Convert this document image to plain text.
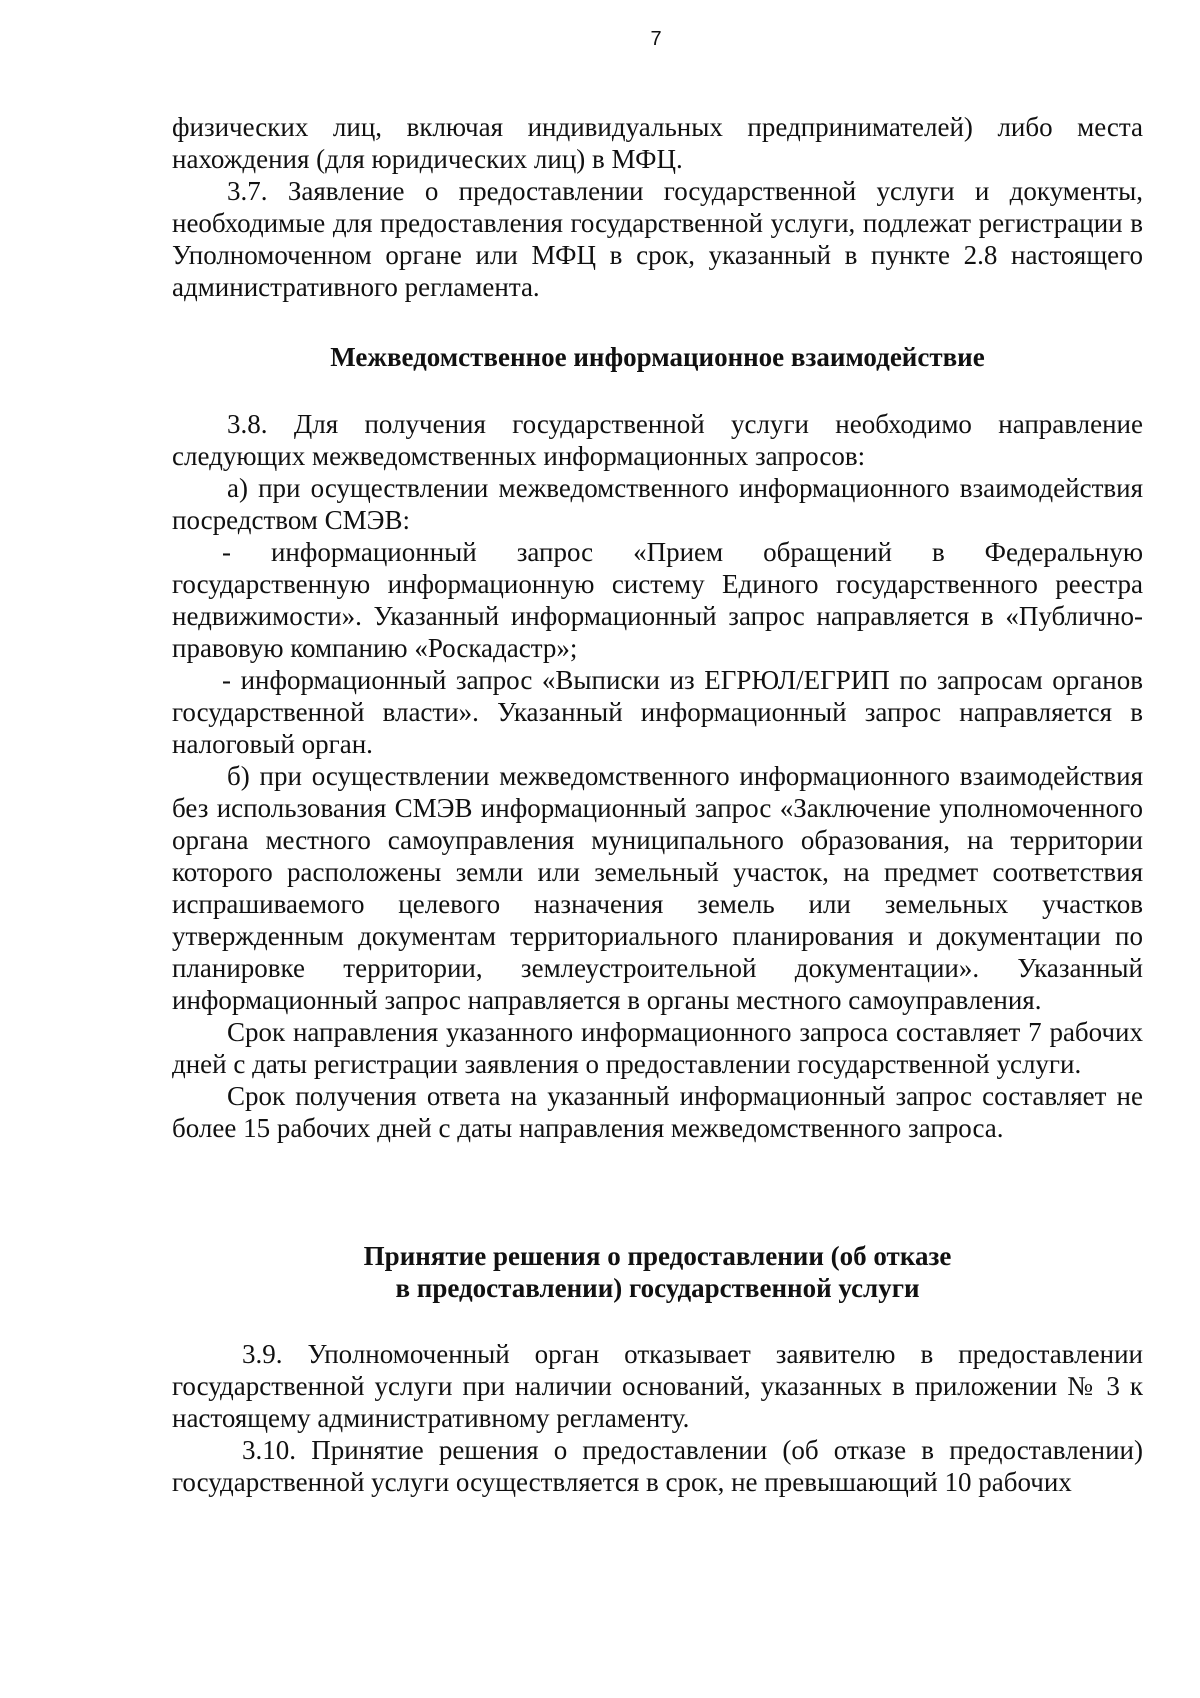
7

физических лиц, включая индивидуальных предпринимателей) либо места нахождения (для юридических лиц) в МФЦ.

3.7. Заявление о предоставлении государственной услуги и документы, необходимые для предоставления государственной услуги, подлежат регистрации в Уполномоченном органе или МФЦ в срок, указанный в пункте 2.8 настоящего административного регламента.

Межведомственное информационное взаимодействие

3.8. Для получения государственной услуги необходимо направление следующих межведомственных информационных запросов:

а) при осуществлении межведомственного информационного взаимодействия посредством СМЭВ:

- информационный запрос «Прием обращений в Федеральную государственную информационную систему Единого государственного реестра недвижимости». Указанный информационный запрос направляется в «Публично-правовую компанию «Роскадастр»;

- информационный запрос «Выписки из ЕГРЮЛ/ЕГРИП по запросам органов государственной власти». Указанный информационный запрос направляется в налоговый орган.

б) при осуществлении межведомственного информационного взаимодействия без использования СМЭВ информационный запрос «Заключение уполномоченного органа местного самоуправления муниципального образования, на территории которого расположены земли или земельный участок, на предмет соответствия испрашиваемого целевого назначения земель или земельных участков утвержденным документам территориального планирования и документации по планировке территории, землеустроительной документации». Указанный информационный запрос направляется в органы местного самоуправления.

Срок направления указанного информационного запроса составляет 7 рабочих дней с даты регистрации заявления о предоставлении государственной услуги.

Срок получения ответа на указанный информационный запрос составляет не более 15 рабочих дней с даты направления межведомственного запроса.

Принятие решения о предоставлении (об отказе
в предоставлении) государственной услуги

3.9. Уполномоченный орган отказывает заявителю в предоставлении государственной услуги при наличии оснований, указанных в приложении № 3 к настоящему административному регламенту.

3.10. Принятие решения о предоставлении (об отказе в предоставлении) государственной услуги осуществляется в срок, не превышающий 10 рабочих
